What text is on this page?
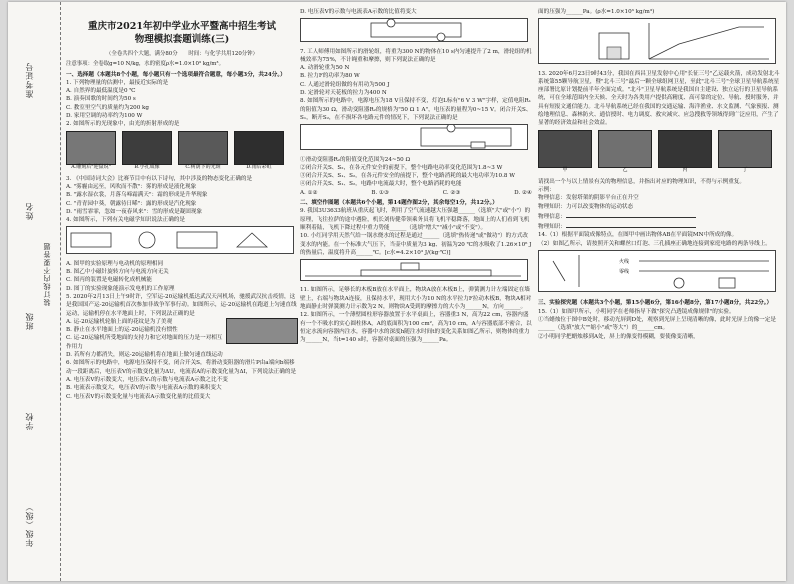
准考证号
姓名
装订线内不要答题
班级
学校
年级（级）
重庆市2021年初中学业水平暨高中招生考试
物理模拟套题训练(三)
（全卷共四个大题，满分80分　　时间：与化学共用120分钟）
注意事项：全卷取g=10 N/kg，水的密度ρ水=1.0×10³ kg/m³。
一、选择题（本题共8个小题，每小题只有一个选项最符合题意，每小题3分，共24分。）

1. 下列物理量的估测中，最接近实际的是

A. 自然界的最低温度是0 ℃

B. 演奏国歌的时间约为50 s

C. 教室里空气的质量约为200 kg

D. 家用空调的功率约为100 W

2. 如图所示的光现象中，由光的折射形成的是

A.雕刻后"迎鼠说"	B.小孔成像	C.树荫下的光斑	D.雨后彩虹

3. 《中国诗词大会》比赛节目中有以下诗句，其中涉及的物态变化正确的是

A. "雾霾由远至，风吹而不散"：雾的形成是液化现象

B. "露水湿衣裳，月落乌啼霜满天"：霜的形成是升华现象

C. "青青园中葵，朝露待日晞"：露的形成是汽化现象

D. "雨雪霏霏，忽如一夜春风来"：雪的形成是凝固现象

4. 如图所示，下列有关电磁学知识说法正确的是

A. 图甲的实验原理与电动机的原理相同

B. 图乙中小磁针旋转方向与电流方向无关

C. 图丙的装置是电磁转化成机械能

D. 图丁的实验现象能演示发电机的工作原理

5. 2020年2月13日上午9时许，空军运-20运输机抵达武汉天河机场，驰援武汉抗击疫情，这是我国国产运-20运输机首次参加非战争军事行动。如图所示，运-20运输机在跑道上匀速直线运动，运输机停在水平地面上时，下列说法正确的是

A. 运-20运输机轮胎上面的花纹是为了美观

B. 静止在水平地面上的运-20运输机没有惯性

C. 运-20运输机所受地面的支持力和它对地面的压力是一对相互作用力

D. 若所有力都消失，则运-20运输机将在地面上做匀速直线运动

6. 如图所示的电路中，电源电压保持不变，闭合开关S，将滑动变阻器的滑片P由a端向b端移动一段距离后，电压表V的示数变化量为ΔU，电流表A的示数变化量为ΔI，下列说法正确的是

A. 电压表V的示数变大，电压表V₁的示数与电流表A示数之比不变

B. 电流表示数变大，电压表V的示数与电流表A示数的乘积变大

C. 电压表V的示数变化量与电流表A示数变化量的比值变大

D. 电压表V的示数与电流表A示数的比值将变大

7. 工人师傅用如图所示的滑轮组，将重为300 N的物体在10 s内匀速提升了2 m，滑轮组的机械效率为75%，不计绳重和摩擦，则下列说法正确的是

A. 动滑轮重为50 N

B. 拉力F的功率为80 W

C. 人通过滑轮组做的有用功为500 J

D. 定滑轮对天花板的拉力为400 N

8. 如图所示的电路中，电源电压为18 V且保持不变，灯泡L标有"6 V 3 W"字样，定值电阻R₁的阻值为30 Ω，滑动变阻器R₂的规格为"50 Ω 1 A"，电压表的量程为0~15 V。闭合开关S、S₁，断开S₂，在不损坏各电路元件的情况下，下列说法正确的是

①滑动变阻器R₂的阻值变化范围为24~50 Ω

②闭合开关S、S₂，在各元件安全的前提下，整个电路电功率变化范围为1.8~3 W

③闭合开关S、S₁、S₂，在各元件安全的前提下，整个电路消耗的最大电功率为10.8 W

④闭合开关S、S₁、S₂，电路中电流最大时，整个电路消耗的电能

A. ①②	B. ①③	C. ②③	D. ②④
二、填空作图题（本题共6个小题，第14题作图2分，其余每空1分，共12分。）

9. 我国3U3633航班从重庆起飞时，利用了空气流速越大压强越______（选填"大"或"小"）的原理，飞往拉萨的途中遇险，机长刘传健带领乘务员将飞机平稳降落，地面上的人们看到飞机顺利着陆，飞机下降过程中重力势能______（选填"增大""减小"或"不变"）。

10. 小红同学用天然气给一锅水烧水的过程是通过______（选填"热传递"或"做功"）的方式改变水的内能。在一个标准大气压下，当壶中质量为3 kg、初温为20 ℃的水吸收了1.26×10⁶ J的热量后，温度将升高______℃。[c水=4.2×10³ J/(kg·℃)]

11. 如图所示，足够长的木板B放在水平面上，物块A放在木板B上，弹簧测力计左端固定在墙壁上，右端与物块A连接，且保持水平，现用大小为10 N的水平拉力F拉动木板B，物块A相对地面静止时弹簧测力计示数为2 N，则物块A受到的摩擦力的大小为______N，方向______。

12. 如图所示，一个薄壁圆柱形容器放置于水平桌面上，容器重3 N，高为22 cm，容器内盛有一个不吸水的实心圆柱体A，A的底面积为100 cm²，高为10 cm，A与容器底部不密合，以恒定水流向容器内注水，容器中水的深度h随注水时间t的变化关系如图乙所示，则物体的重力为______N，当t=140 s时，容器对桌面的压强为______Pa。

面的压强为______Pa。(ρ水=1.0×10³ kg/m³)

13. 2020年6月23日9时43分，我国在西昌卫星发射中心用"长征三号"乙运载火箭，成功发射北斗系统第55颗导航卫星，暨"北斗三号"最后一颗全球组网卫星，至此"北斗三号"全球卫星导航系统星座部署比原计划提前半年全面完成。"北斗"卫星导航系统是我国自主建设、独立运行的卫星导航系统，可在全球范围内全天候、全天时为各类用户提供高精度、高可靠的定位、导航、授时服务，并具有短报文通信能力。北斗导航系统已经在我国的交通运输、海洋渔业、水文监测、气象预报、测绘地理信息、森林防火、通信授时、电力调度、救灾减灾、应急搜救等领域得到广泛应用，产生了显著的经济效益和社会效益。

甲	乙	丙	丁

请找出一个与以上情景有关的物理信息，并指出对应的物理知识，不得与示例重复。

示例：

物理信息：发射塔架的阴影平台正在升空

物理知识：力可以改变物体的运动状态

物理信息：

物理知识：

14.（1）根据平面镜成像特点，在图甲中画出物体AB在平面镜MN中所成的像。

（2）如图乙所示，请按照开关和螺丝口灯泡、三孔插座正确地连接到家庭电路的两条导线上。

火线
零线
三、实验探究题（本题共3个小题，第15小题6分，第16小题8分，第17小题8分，共22分。）

15.（1）如图甲所示，小明同学在老师指导下做"探究凸透镜成像规律"的实验。

①当蜡烛位于图中B处时，移动光屏到D处，观察到光屏上呈现清晰的像，此时光屏上的像一定是______（选填"放大""缩小"或"等大"）的______cm。

②小明同学把蜡烛移到A处，屏上的像变得模糊，要使像变清晰，
